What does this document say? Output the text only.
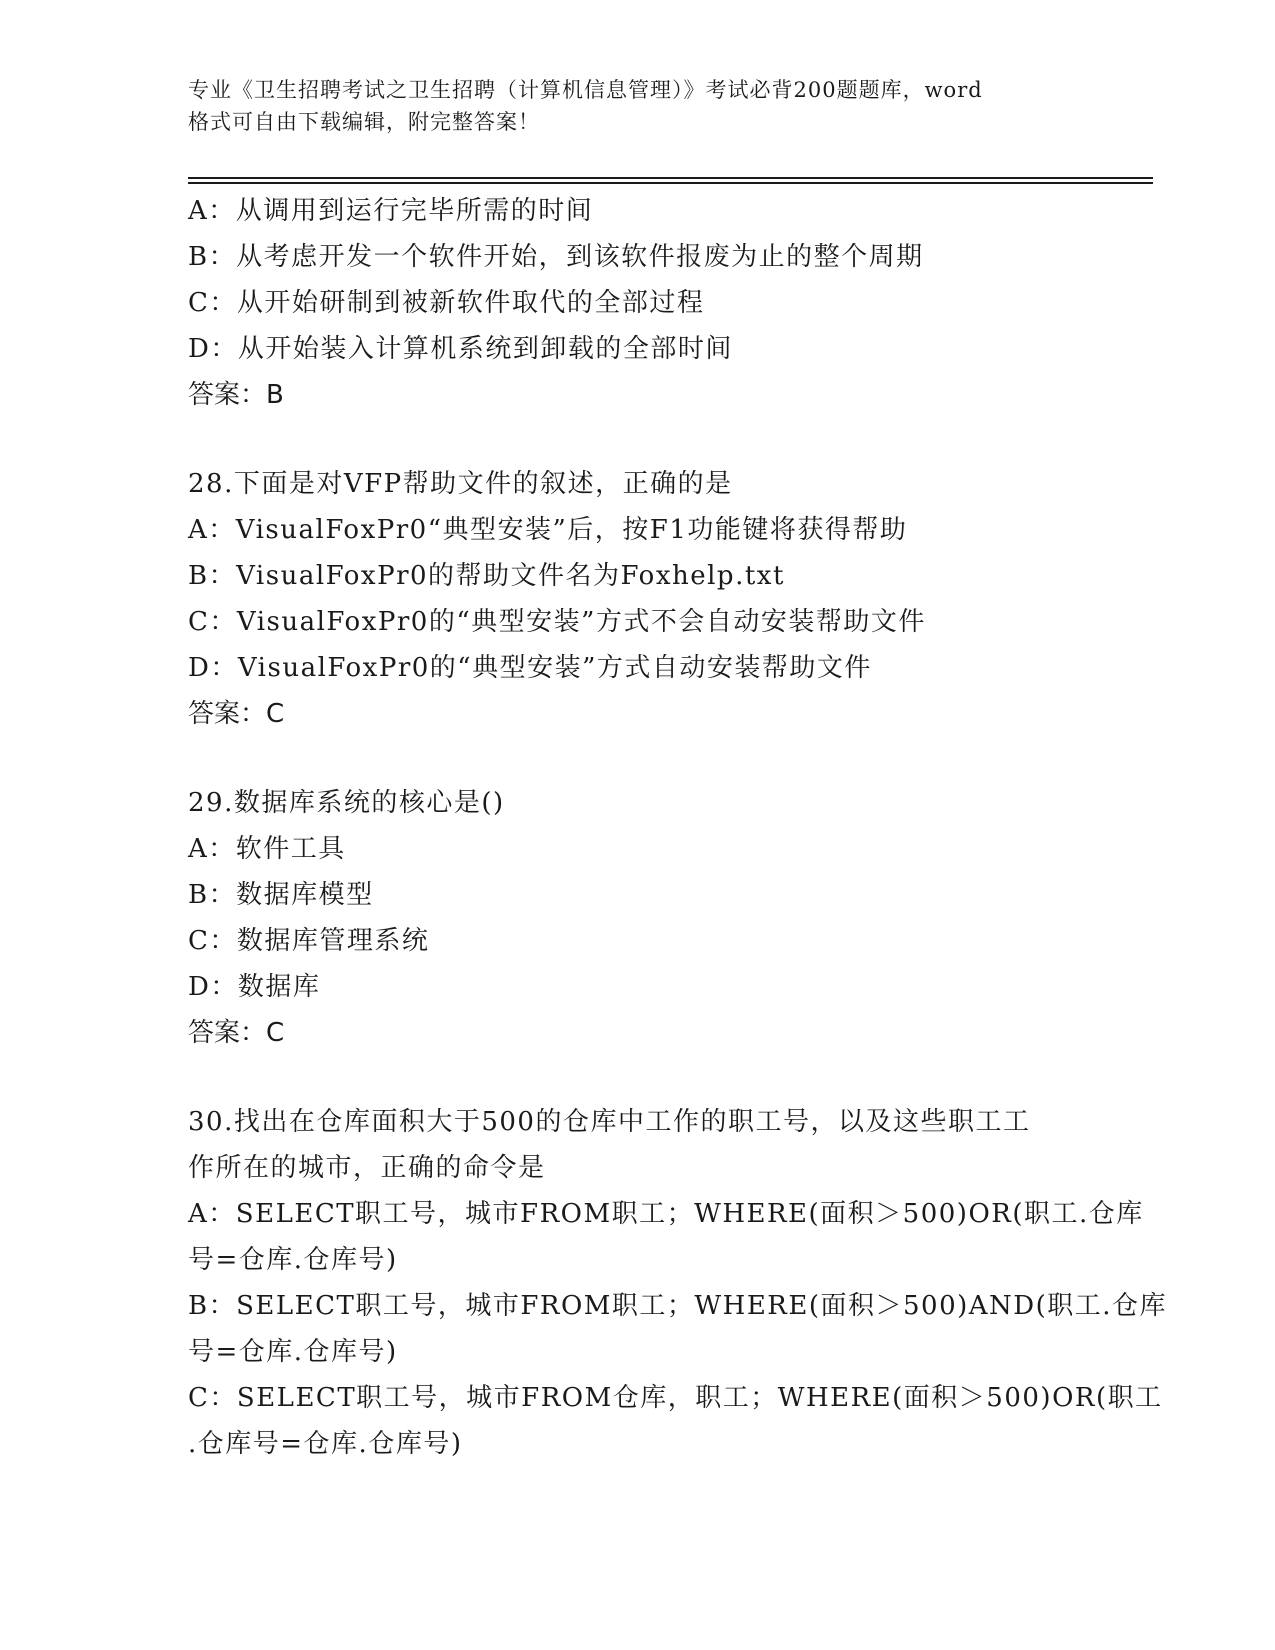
专业《卫生招聘考试之卫生招聘（计算机信息管理）》考试必背200题题库，word
格式可自由下载编辑，附完整答案！
A：从调用到运行完毕所需的时间
B：从考虑开发一个软件开始，到该软件报废为止的整个周期
C：从开始研制到被新软件取代的全部过程
D：从开始装入计算机系统到卸载的全部时间
答案：B
28.下面是对VFP帮助文件的叙述，正确的是
A：VisualFoxPr0“典型安装”后，按F1功能键将获得帮助
B：VisualFoxPr0的帮助文件名为Foxhelp.txt
C：VisualFoxPr0的“典型安装”方式不会自动安装帮助文件
D：VisualFoxPr0的“典型安装”方式自动安装帮助文件
答案：C
29.数据库系统的核心是()
A：软件工具
B：数据库模型
C：数据库管理系统
D：数据库
答案：C
30.找出在仓库面积大于500的仓库中工作的职工号，以及这些职工工
作所在的城市，正确的命令是
A：SELECT职工号，城市FROM职工；WHERE(面积＞500)OR(职工.仓库
号=仓库.仓库号)
B：SELECT职工号，城市FROM职工；WHERE(面积＞500)AND(职工.仓库
号=仓库.仓库号)
C：SELECT职工号，城市FROM仓库，职工；WHERE(面积＞500)OR(职工
.仓库号=仓库.仓库号)
